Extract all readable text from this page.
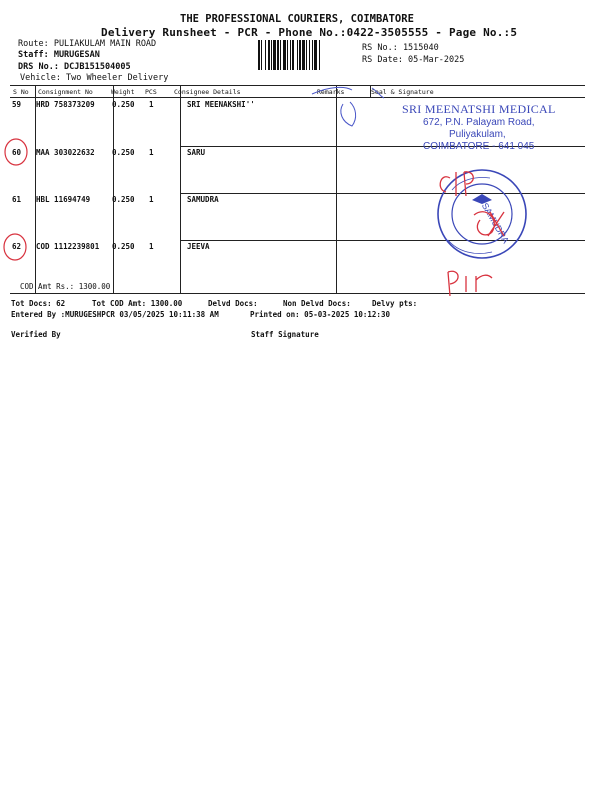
THE PROFESSIONAL COURIERS, COIMBATORE
Delivery Runsheet - PCR - Phone No.:0422-3505555 - Page No.:5
Route: PULIAKULAM MAIN ROAD
Staff: MURUGESAN
DRS No.: DCJB151504005
Vehicle: Two Wheeler Delivery
RS No.: 1515040
RS Date: 05-Mar-2025
S No Consignment No	Weight PCS	Consignee Details	Remarks	Seal & Signature
59 HRD 758373209 0.250 1	SRI MEENAKSHI''
60 MAA 303022632 0.250 1	SARU
61 HBL 11694749	0.250 1	SAMUDRA
62 COD 1112239801 0.250 1	JEEVA
COD Amt Rs.: 1300.00
SRI MEENATSHI MEDICAL
672, P.N. Palayam Road,
Puliyakulam,
COIMBATORE - 641 045
SAMUDRA
Tot Docs: 62	Tot COD Amt: 1300.00	Delvd Docs:	Non Delvd Docs:	Delvy pts:
Entered By :MURUGESHPCR 03/05/2025 10:11:38 AM	Printed on: 05-03-2025 10:12:30
Verified By	Staff Signature
